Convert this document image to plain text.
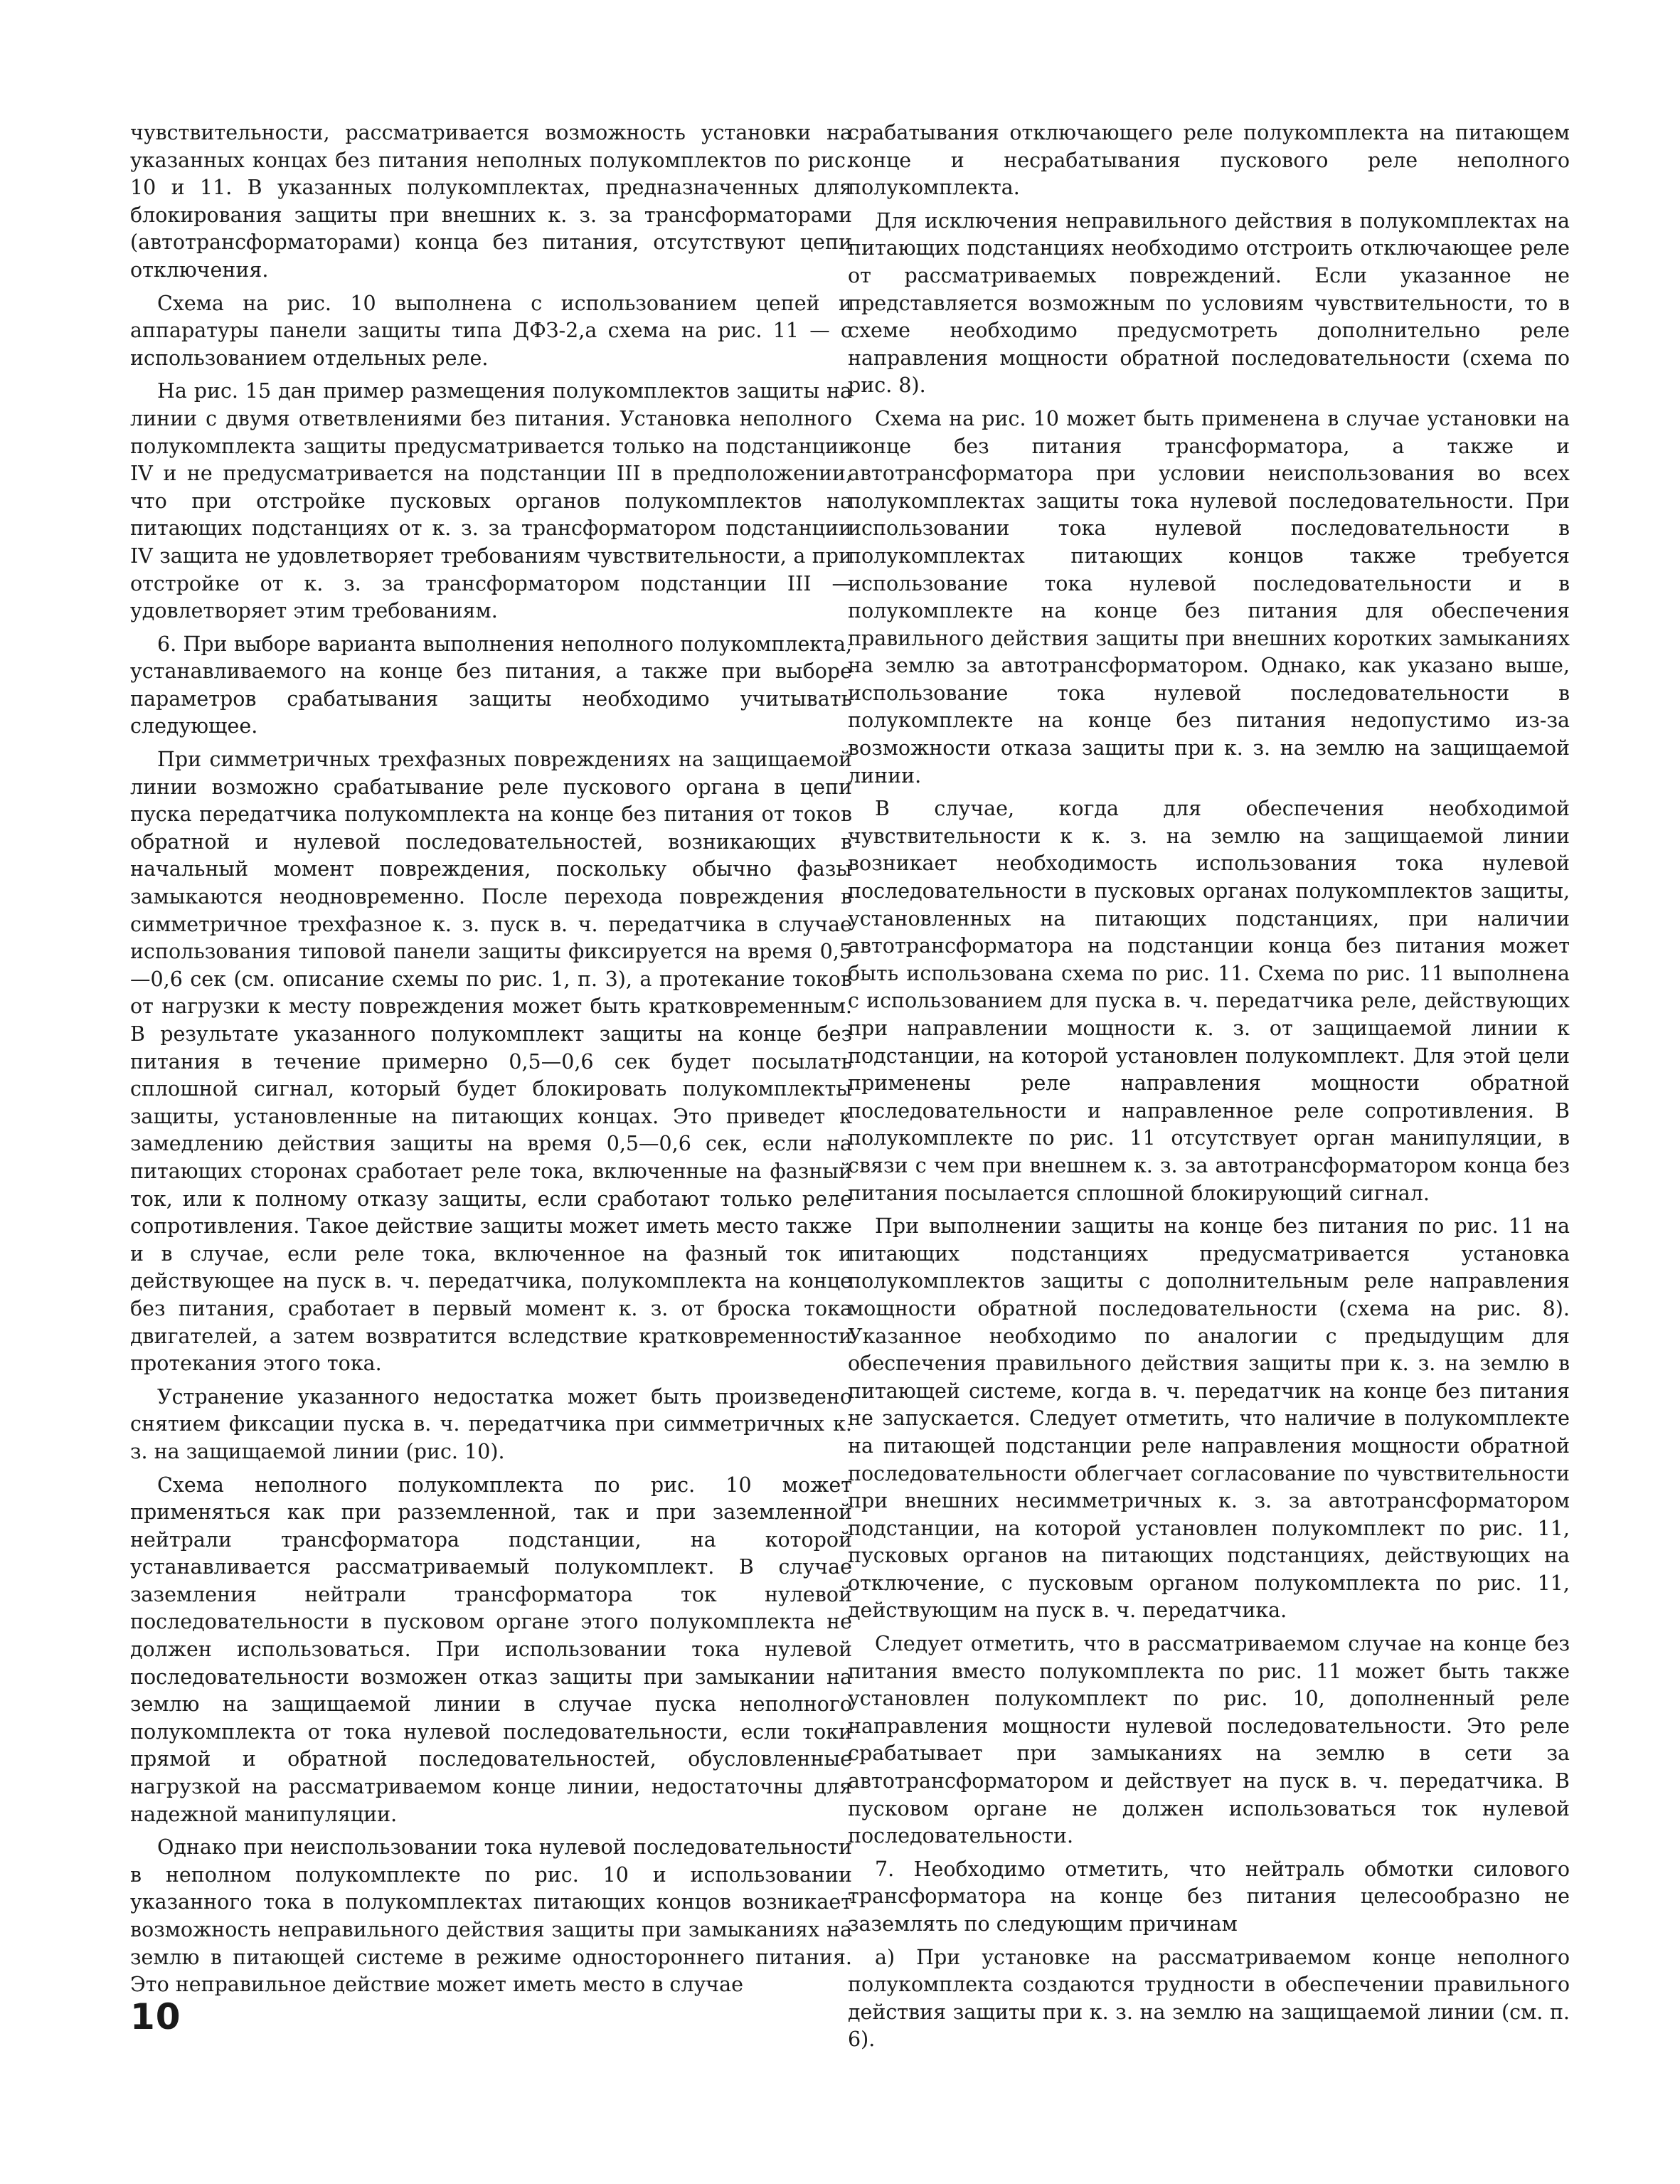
чувствительности, рассматривается возможность установки на указанных концах без питания неполных полукомплектов по рис. 10 и 11. В указанных полукомплектах, предназначенных для блокирования защиты при внешних к. з. за трансформаторами (автотрансформаторами) конца без питания, отсутствуют цепи отключения.

Схема на рис. 10 выполнена с использованием цепей и аппаратуры панели защиты типа ДФЗ-2,а схема на рис. 11 — с использованием отдельных реле.

На рис. 15 дан пример размещения полукомплектов защиты на линии с двумя ответвлениями без питания. Установка неполного полукомплекта защиты предусматривается только на подстанции IV и не предусматривается на подстанции III в предположении, что при отстройке пусковых органов полукомплектов на питающих подстанциях от к. з. за трансформатором подстанции IV защита не удовлетворяет требованиям чувствительности, а при отстройке от к. з. за трансформатором подстанции III — удовлетворяет этим требованиям.

6. При выборе варианта выполнения неполного полукомплекта, устанавливаемого на конце без питания, а также при выборе параметров срабатывания защиты необходимо учитывать следующее.

При симметричных трехфазных повреждениях на защищаемой линии возможно срабатывание реле пускового органа в цепи пуска передатчика полукомплекта на конце без питания от токов обратной и нулевой последовательностей, возникающих в начальный момент повреждения, поскольку обычно фазы замыкаются неодновременно. После перехода повреждения в симметричное трехфазное к. з. пуск в. ч. передатчика в случае использования типовой панели защиты фиксируется на время 0,5—0,6 сек (см. описание схемы по рис. 1, п. 3), а протекание токов от нагрузки к месту повреждения может быть кратковременным. В результате указанного полукомплект защиты на конце без питания в течение примерно 0,5—0,6 сек будет посылать сплошной сигнал, который будет блокировать полукомплекты защиты, установленные на питающих концах. Это приведет к замедлению действия защиты на время 0,5—0,6 сек, если на питающих сторонах сработает реле тока, включенные на фазный ток, или к полному отказу защиты, если сработают только реле сопротивления. Такое действие защиты может иметь место также и в случае, если реле тока, включенное на фазный ток и действующее на пуск в. ч. передатчика, полукомплекта на конце без питания, сработает в первый момент к. з. от броска тока двигателей, а затем возвратится вследствие кратковременности протекания этого тока.

Устранение указанного недостатка может быть произведено снятием фиксации пуска в. ч. передатчика при симметричных к. з. на защищаемой линии (рис. 10).

Схема неполного полукомплекта по рис. 10 может применяться как при разземленной, так и при заземленной нейтрали трансформатора подстанции, на которой устанавливается рассматриваемый полукомплект. В случае заземления нейтрали трансформатора ток нулевой последовательности в пусковом органе этого полукомплекта не должен использоваться. При использовании тока нулевой последовательности возможен отказ защиты при замыкании на землю на защищаемой линии в случае пуска неполного полукомплекта от тока нулевой последовательности, если токи прямой и обратной последовательностей, обусловленные нагрузкой на рассматриваемом конце линии, недостаточны для надежной манипуляции.

Однако при неиспользовании тока нулевой последовательности в неполном полукомплекте по рис. 10 и использовании указанного тока в полукомплектах питающих концов возникает возможность неправильного действия защиты при замыканиях на землю в питающей системе в режиме одностороннего питания. Это неправильное действие может иметь место в случае

срабатывания отключающего реле полукомплекта на питающем конце и несрабатывания пускового реле неполного полукомплекта.

Для исключения неправильного действия в полукомплектах на питающих подстанциях необходимо отстроить отключающее реле от рассматриваемых повреждений. Если указанное не представляется возможным по условиям чувствительности, то в схеме необходимо предусмотреть дополнительно реле направления мощности обратной последовательности (схема по рис. 8).

Схема на рис. 10 может быть применена в случае установки на конце без питания трансформатора, а также и автотрансформатора при условии неиспользования во всех полукомплектах защиты тока нулевой последовательности. При использовании тока нулевой последовательности в полукомплектах питающих концов также требуется использование тока нулевой последовательности и в полукомплекте на конце без питания для обеспечения правильного действия защиты при внешних коротких замыканиях на землю за автотрансформатором. Однако, как указано выше, использование тока нулевой последовательности в полукомплекте на конце без питания недопустимо из-за возможности отказа защиты при к. з. на землю на защищаемой линии.

В случае, когда для обеспечения необходимой чувствительности к к. з. на землю на защищаемой линии возникает необходимость использования тока нулевой последовательности в пусковых органах полукомплектов защиты, установленных на питающих подстанциях, при наличии автотрансформатора на подстанции конца без питания может быть использована схема по рис. 11. Схема по рис. 11 выполнена с использованием для пуска в. ч. передатчика реле, действующих при направлении мощности к. з. от защищаемой линии к подстанции, на которой установлен полукомплект. Для этой цели применены реле направления мощности обратной последовательности и направленное реле сопротивления. В полукомплекте по рис. 11 отсутствует орган манипуляции, в связи с чем при внешнем к. з. за автотрансформатором конца без питания посылается сплошной блокирующий сигнал.

При выполнении защиты на конце без питания по рис. 11 на питающих подстанциях предусматривается установка полукомплектов защиты с дополнительным реле направления мощности обратной последовательности (схема на рис. 8). Указанное необходимо по аналогии с предыдущим для обеспечения правильного действия защиты при к. з. на землю в питающей системе, когда в. ч. передатчик на конце без питания не запускается. Следует отметить, что наличие в полукомплекте на питающей подстанции реле направления мощности обратной последовательности облегчает согласование по чувствительности при внешних несимметричных к. з. за автотрансформатором подстанции, на которой установлен полукомплект по рис. 11, пусковых органов на питающих подстанциях, действующих на отключение, с пусковым органом полукомплекта по рис. 11, действующим на пуск в. ч. передатчика.

Следует отметить, что в рассматриваемом случае на конце без питания вместо полукомплекта по рис. 11 может быть также установлен полукомплект по рис. 10, дополненный реле направления мощности нулевой последовательности. Это реле срабатывает при замыканиях на землю в сети за автотрансформатором и действует на пуск в. ч. передатчика. В пусковом органе не должен использоваться ток нулевой последовательности.

7. Необходимо отметить, что нейтраль обмотки силового трансформатора на конце без питания целесообразно не заземлять по следующим причинам

а) При установке на рассматриваемом конце неполного полукомплекта создаются трудности в обеспечении правильного действия защиты при к. з. на землю на защищаемой линии (см. п. 6).

10
